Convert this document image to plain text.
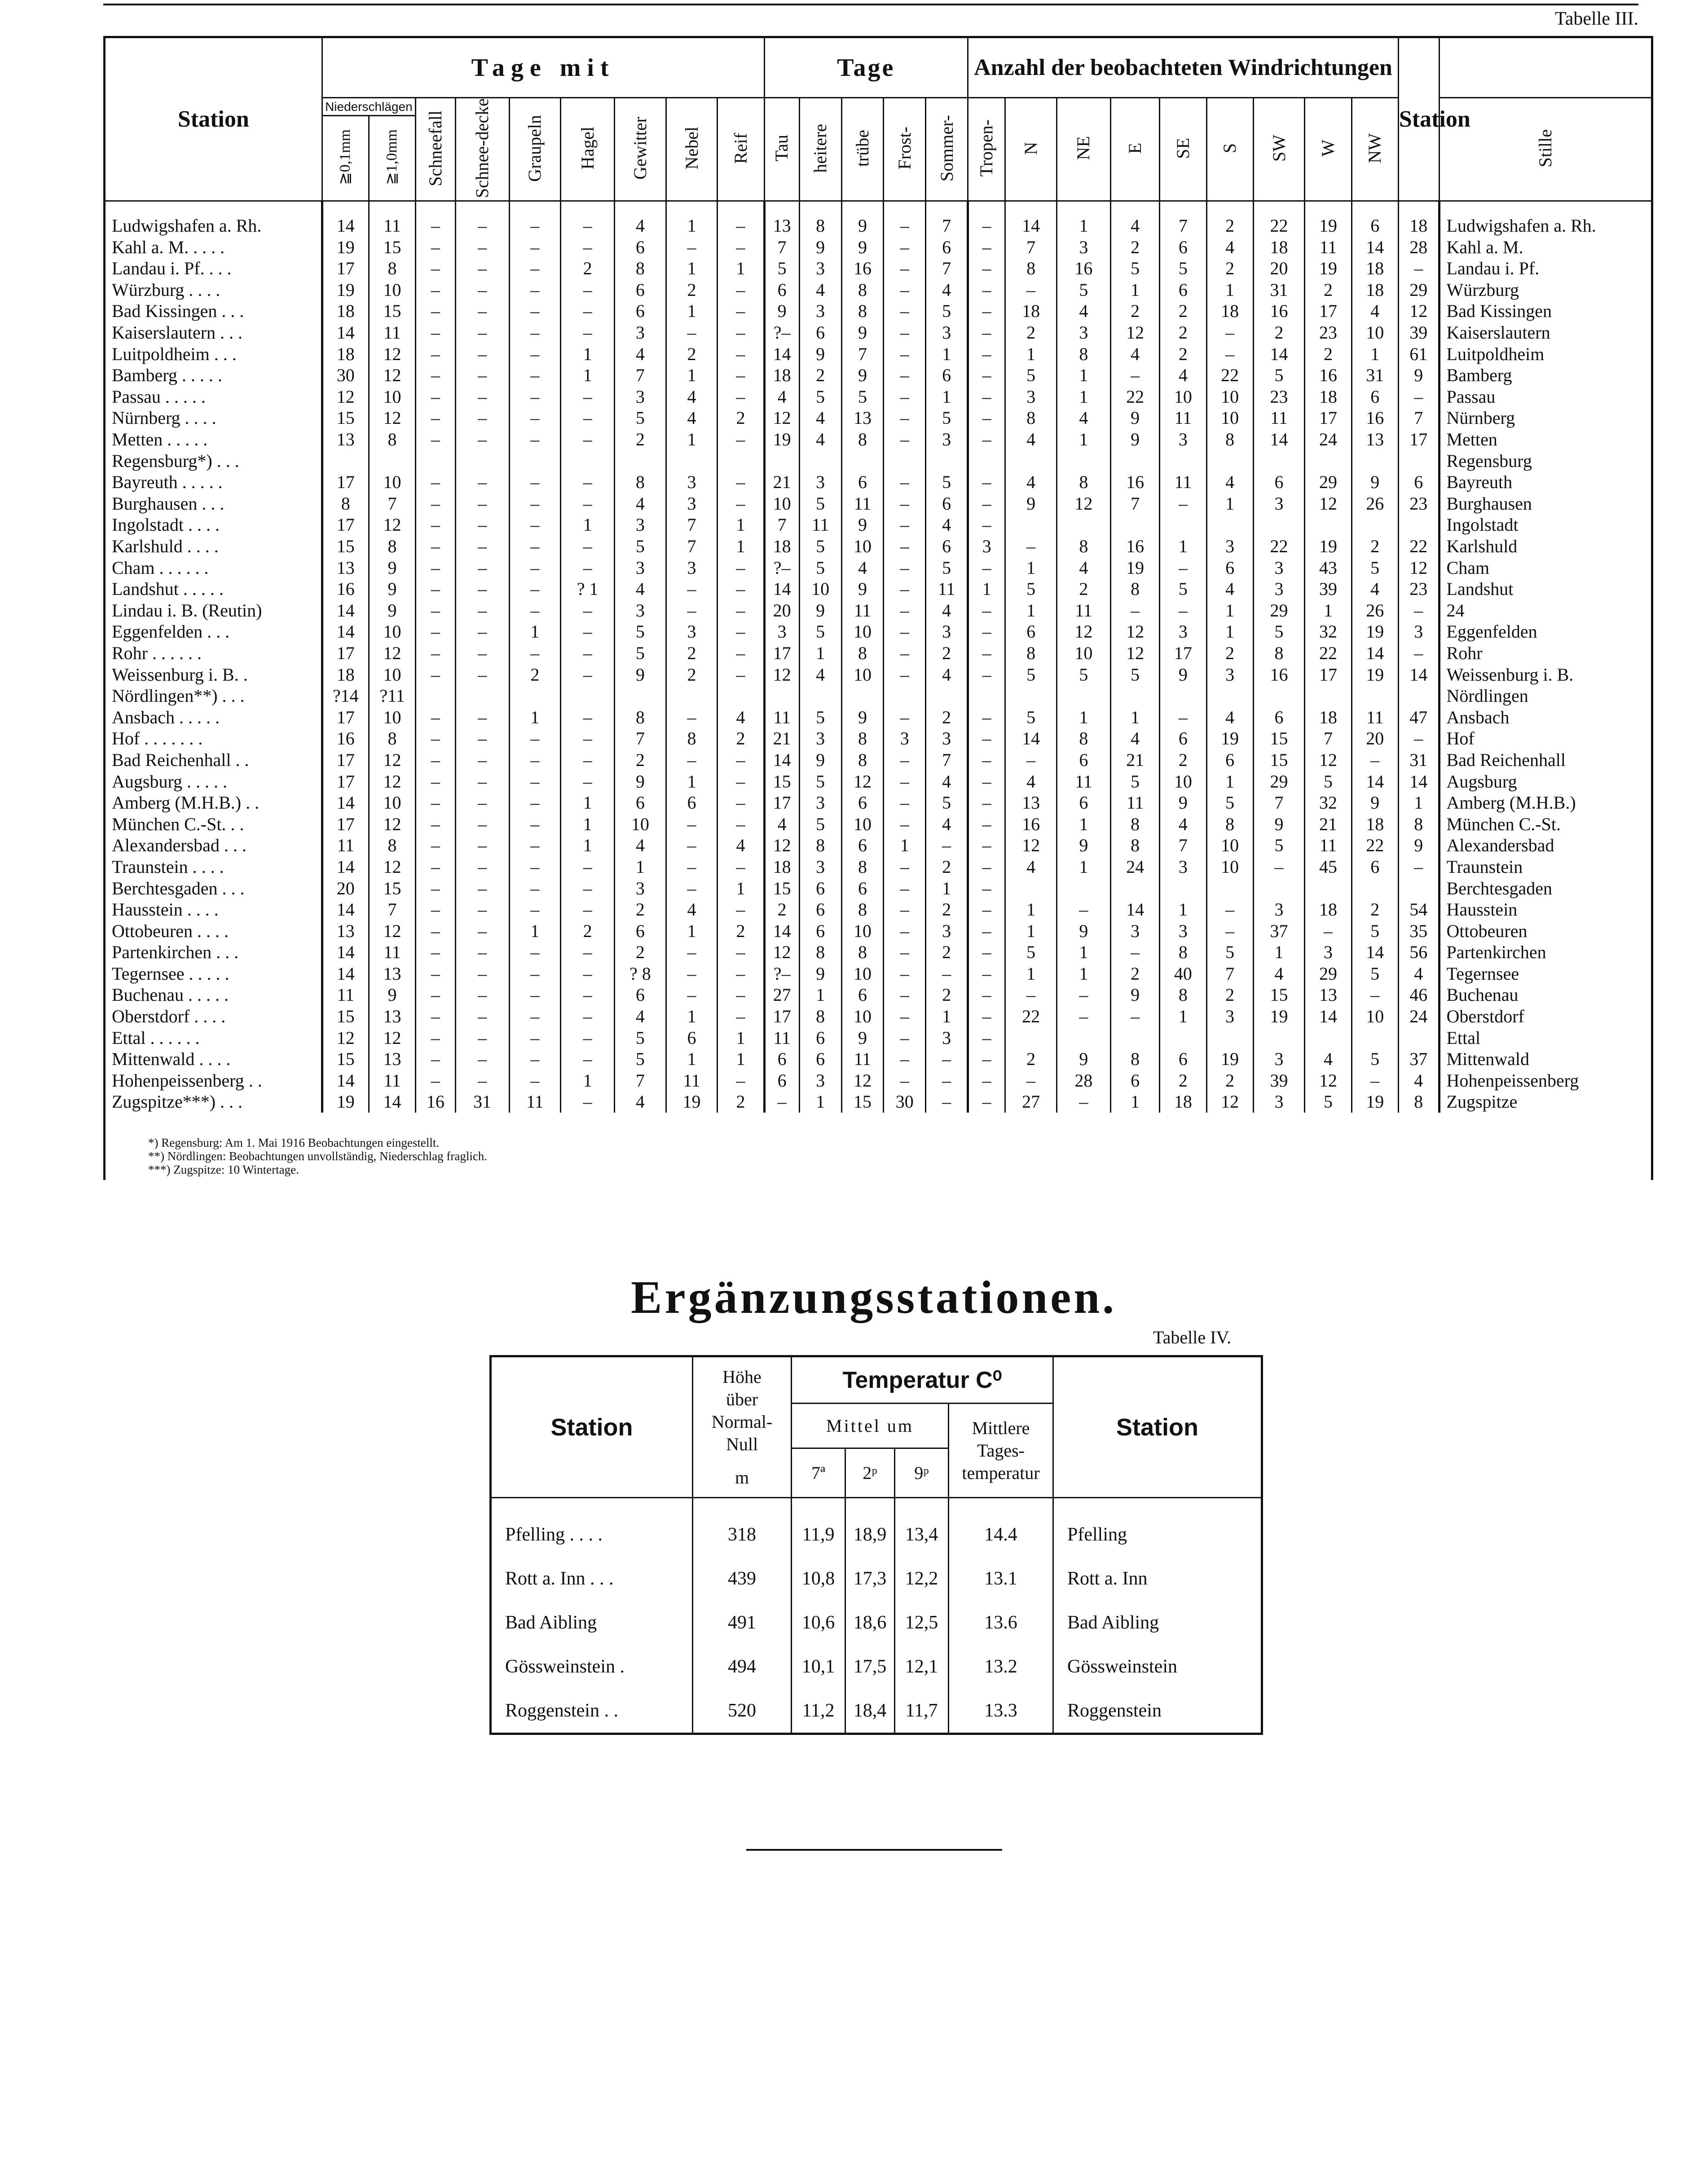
Tabelle III.
Station	Tage mit									Tage					Anzahl der beobachteten Windrichtungen									Station	
	Niederschlägen		Schneefall	Schnee-decke	Graupeln	Hagel	Gewitter	Nebel	Reif	Tau	heitere	trübe	Frost-	Sommer-	Tropen-	N	NE	E	SE	S	SW	W	NW		Stille
	≧0,1mm	≧1,0mm																							

Ludwigshafen a. Rh.	14	11	–	–	–	–	4	1	–	13	8	9	–	7	–	14	1	4	7	2	22	19	6	18	Ludwigshafen a. Rh.
Kahl a. M. . . . .	19	15	–	–	–	–	6	–	–	7	9	9	–	6	–	7	3	2	6	4	18	11	14	28	Kahl a. M.
Landau i. Pf. . . .	17	8	–	–	–	2	8	1	1	5	3	16	–	7	–	8	16	5	5	2	20	19	18	–	Landau i. Pf.
Würzburg . . . .	19	10	–	–	–	–	6	2	–	6	4	8	–	4	–	–	5	1	6	1	31	2	18	29	Würzburg
Bad Kissingen . . .	18	15	–	–	–	–	6	1	–	9	3	8	–	5	–	18	4	2	2	18	16	17	4	12	Bad Kissingen
Kaiserslautern . . .	14	11	–	–	–	–	3	–	–	?–	6	9	–	3	–	2	3	12	2	–	2	23	10	39	Kaiserslautern
Luitpoldheim . . .	18	12	–	–	–	1	4	2	–	14	9	7	–	1	–	1	8	4	2	–	14	2	1	61	Luitpoldheim
Bamberg . . . . .	30	12	–	–	–	1	7	1	–	18	2	9	–	6	–	5	1	–	4	22	5	16	31	9	Bamberg
Passau . . . . .	12	10	–	–	–	–	3	4	–	4	5	5	–	1	–	3	1	22	10	10	23	18	6	–	Passau
Nürnberg . . . .	15	12	–	–	–	–	5	4	2	12	4	13	–	5	–	8	4	9	11	10	11	17	16	7	Nürnberg
Metten . . . . .	13	8	–	–	–	–	2	1	–	19	4	8	–	3	–	4	1	9	3	8	14	24	13	17	Metten
Regensburg*) . . .																									Regensburg
Bayreuth . . . . .	17	10	–	–	–	–	8	3	–	21	3	6	–	5	–	4	8	16	11	4	6	29	9	6	Bayreuth
Burghausen . . .	8	7	–	–	–	–	4	3	–	10	5	11	–	6	–	9	12	7	–	1	3	12	26	23	Burghausen
Ingolstadt . . . .	17	12	–	–	–	1	3	7	1	7	11	9	–	4	–										Ingolstadt
Karlshuld . . . .	15	8	–	–	–	–	5	7	1	18	5	10	–	6	3	–	8	16	1	3	22	19	2	22	Karlshuld
Cham . . . . . .	13	9	–	–	–	–	3	3	–	?–	5	4	–	5	–	1	4	19	–	6	3	43	5	12	Cham
Landshut . . . . .	16	9	–	–	–	? 1	4	–	–	14	10	9	–	11	1	5	2	8	5	4	3	39	4	23	Landshut
Lindau i. B. (Reutin)	14	9	–	–	–	–	3	–	–	20	9	11	–	4	–	1	11	–	–	1	29	1	26	–	24
Eggenfelden . . .	14	10	–	–	1	–	5	3	–	3	5	10	–	3	–	6	12	12	3	1	5	32	19	3	Eggenfelden
Rohr . . . . . .	17	12	–	–	–	–	5	2	–	17	1	8	–	2	–	8	10	12	17	2	8	22	14	–	Rohr
Weissenburg i. B. .	18	10	–	–	2	–	9	2	–	12	4	10	–	4	–	5	5	5	9	3	16	17	19	14	Weissenburg i. B.
Nördlingen**) . . .	?14	?11																							Nördlingen
Ansbach . . . . .	17	10	–	–	1	–	8	–	4	11	5	9	–	2	–	5	1	1	–	4	6	18	11	47	Ansbach
Hof . . . . . . .	16	8	–	–	–	–	7	8	2	21	3	8	3	3	–	14	8	4	6	19	15	7	20	–	Hof
Bad Reichenhall . .	17	12	–	–	–	–	2	–	–	14	9	8	–	7	–	–	6	21	2	6	15	12	–	31	Bad Reichenhall
Augsburg . . . . .	17	12	–	–	–	–	9	1	–	15	5	12	–	4	–	4	11	5	10	1	29	5	14	14	Augsburg
Amberg (M.H.B.) . .	14	10	–	–	–	1	6	6	–	17	3	6	–	5	–	13	6	11	9	5	7	32	9	1	Amberg (M.H.B.)
München C.-St. . .	17	12	–	–	–	1	10	–	–	4	5	10	–	4	–	16	1	8	4	8	9	21	18	8	München C.-St.
Alexandersbad . . .	11	8	–	–	–	1	4	–	4	12	8	6	1	–	–	12	9	8	7	10	5	11	22	9	Alexandersbad
Traunstein . . . .	14	12	–	–	–	–	1	–	–	18	3	8	–	2	–	4	1	24	3	10	–	45	6	–	Traunstein
Berchtesgaden . . .	20	15	–	–	–	–	3	–	1	15	6	6	–	1	–										Berchtesgaden
Hausstein . . . .	14	7	–	–	–	–	2	4	–	2	6	8	–	2	–	1	–	14	1	–	3	18	2	54	Hausstein
Ottobeuren . . . .	13	12	–	–	1	2	6	1	2	14	6	10	–	3	–	1	9	3	3	–	37	–	5	35	Ottobeuren
Partenkirchen . . .	14	11	–	–	–	–	2	–	–	12	8	8	–	2	–	5	1	–	8	5	1	3	14	56	Partenkirchen
Tegernsee . . . . .	14	13	–	–	–	–	? 8	–	–	?–	9	10	–	–	–	1	1	2	40	7	4	29	5	4	Tegernsee
Buchenau . . . . .	11	9	–	–	–	–	6	–	–	27	1	6	–	2	–	–	–	9	8	2	15	13	–	46	Buchenau
Oberstdorf . . . .	15	13	–	–	–	–	4	1	–	17	8	10	–	1	–	22	–	–	1	3	19	14	10	24	Oberstdorf
Ettal . . . . . .	12	12	–	–	–	–	5	6	1	11	6	9	–	3	–										Ettal
Mittenwald . . . .	15	13	–	–	–	–	5	1	1	6	6	11	–	–	–	2	9	8	6	19	3	4	5	37	Mittenwald
Hohenpeissenberg . .	14	11	–	–	–	1	7	11	–	6	3	12	–	–	–	–	28	6	2	2	39	12	–	4	Hohenpeissenberg
Zugspitze***) . . .	19	14	16	31	11	–	4	19	2	–	1	15	30	–	–	27	–	1	18	12	3	5	19	8	Zugspitze

*) Regensburg: Am 1. Mai 1916 Beobachtungen eingestellt.
**) Nördlingen: Beobachtungen unvollständig, Niederschlag fraglich.
***) Zugspitze: 10 Wintertage.
Ergänzungsstationen.
Tabelle IV.
Station	Höhe über Normal-Null
m	Temperatur C⁰				Station
		Mittel um			Mittlere Tages-temperatur	
		7ª	2ᵖ	9ᵖ		

Pfelling . . . .	318	11,9	18,9	13,4	14.4	Pfelling
Rott a. Inn . . .	439	10,8	17,3	12,2	13.1	Rott a. Inn
Bad Aibling	491	10,6	18,6	12,5	13.6	Bad Aibling
Gössweinstein .	494	10,1	17,5	12,1	13.2	Gössweinstein
Roggenstein . .	520	11,2	18,4	11,7	13.3	Roggenstein
